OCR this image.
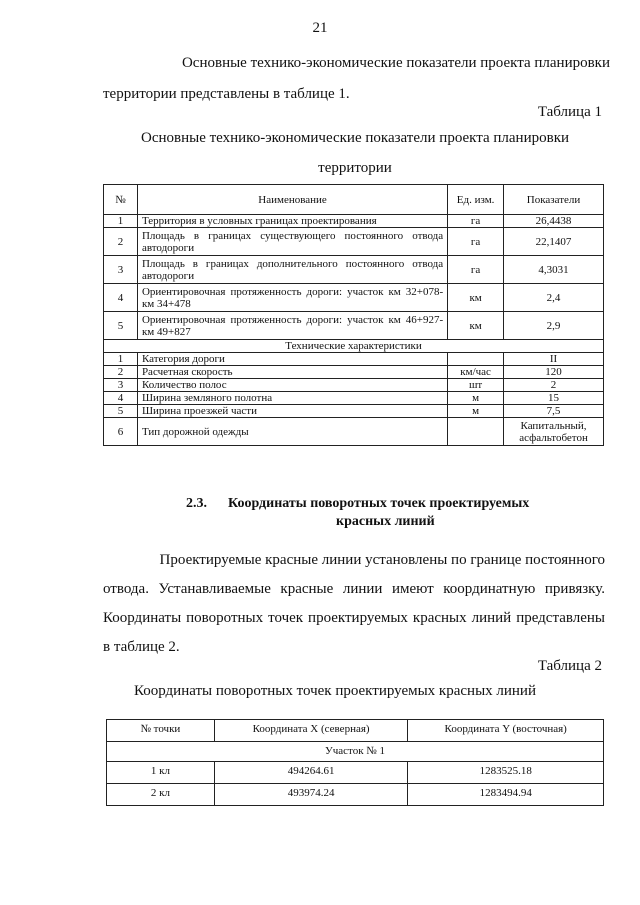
21
Основные технико-экономические показатели проекта планировки
территории представлены в таблице 1.
Таблица 1
Основные технико-экономические показатели проекта планировки
территории
№	Наименование	Ед. изм.	Показатели
1	Территория в условных границах проектирования	га	26,4438
2	Площадь в границах существующего постоянного отвода автодороги	га	22,1407
3	Площадь в границах дополнительного постоянного отвода автодороги	га	4,3031
4	Ориентировочная протяженность дороги: участок км 32+078-км 34+478	км	2,4
5	Ориентировочная протяженность дороги: участок км 46+927-км 49+827	км	2,9
Технические характеристики			
1	Категория дороги		II
2	Расчетная скорость	км/час	120
3	Количество полос	шт	2
4	Ширина земляного полотна	м	15
5	Ширина проезжей части	м	7,5
6	Тип дорожной одежды		Капитальный, асфальтобетон
2.3. Координаты поворотных точек проектируемых
красных линий
Проектируемые красные линии установлены по границе постоянного
отвода. Устанавливаемые красные линии имеют координатную привязку.
Координаты поворотных точек проектируемых красных линий представлены
в таблице 2.
Таблица 2
Координаты поворотных точек проектируемых красных линий
№ точки	Координата X (северная)	Координата Y (восточная)
Участок № 1		
1 кл	494264.61	1283525.18
2 кл	493974.24	1283494.94
